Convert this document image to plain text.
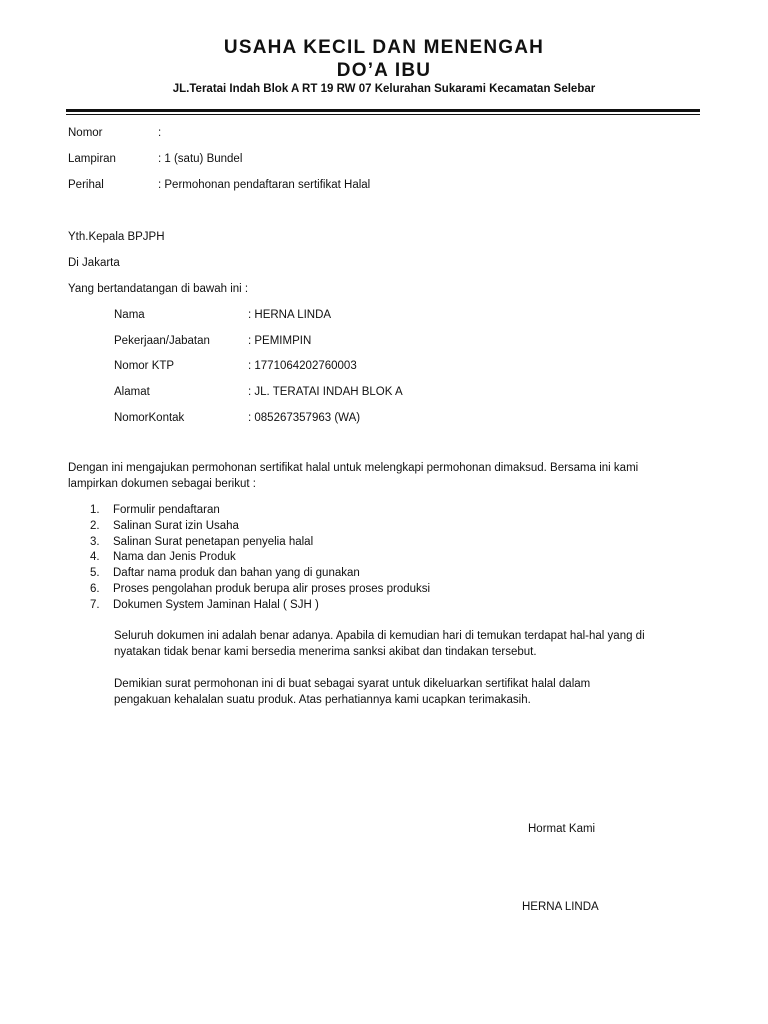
USAHA KECIL DAN MENENGAH
DO’A IBU
JL.Teratai Indah Blok A RT 19 RW 07 Kelurahan Sukarami Kecamatan Selebar
Nomor	:
Lampiran	: 1 (satu) Bundel
Perihal	: Permohonan pendaftaran sertifikat Halal
Yth.Kepala BPJPH
Di Jakarta
Yang bertandatangan di bawah ini :
Nama	: HERNA LINDA
Pekerjaan/Jabatan	: PEMIMPIN
Nomor KTP	: 1771064202760003
Alamat	: JL. TERATAI INDAH BLOK A
NomorKontak	: 085267357963 (WA)
Dengan ini mengajukan permohonan sertifikat halal untuk melengkapi permohonan dimaksud. Bersama ini kami
lampirkan dokumen sebagai berikut :
1.	Formulir pendaftaran
2.	Salinan Surat izin Usaha
3.	Salinan Surat penetapan penyelia halal
4.	Nama dan Jenis Produk
5.	Daftar nama produk dan bahan yang di gunakan
6.	Proses pengolahan produk berupa alir proses proses produksi
7.	Dokumen System Jaminan Halal ( SJH )
Seluruh dokumen ini adalah benar adanya. Apabila di kemudian hari di temukan terdapat hal-hal yang di
nyatakan tidak benar kami bersedia menerima sanksi akibat dan tindakan tersebut.
Demikian surat permohonan ini di buat sebagai syarat untuk dikeluarkan sertifikat halal dalam
pengakuan kehalalan suatu produk. Atas perhatiannya kami ucapkan terimakasih.
Hormat Kami
HERNA LINDA
